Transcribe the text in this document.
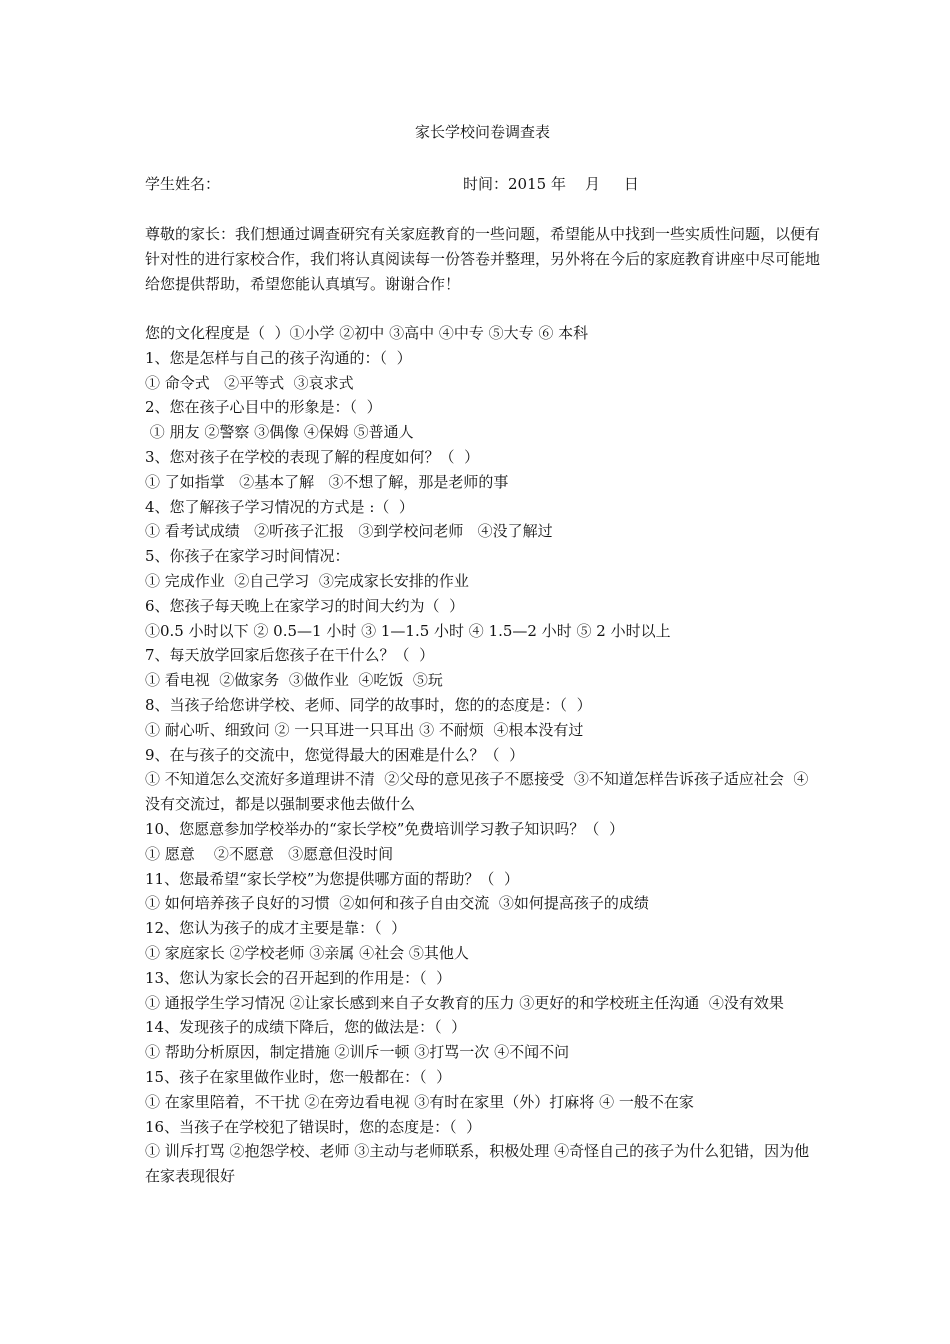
家长学校问卷调查表
学生姓名：	时间：2015 年    月     日

尊敬的家长：我们想通过调查研究有关家庭教育的一些问题，希望能从中找到一些实质性问题，以便有针对性的进行家校合作，我们将认真阅读每一份答卷并整理，另外将在今后的家庭教育讲座中尽可能地给您提供帮助，希望您能认真填写。谢谢合作！

您的文化程度是（  ）①小学 ②初中 ③高中 ④中专 ⑤大专 ⑥ 本科

1、您是怎样与自己的孩子沟通的：（  ）

① 命令式   ②平等式  ③哀求式

2、您在孩子心目中的形象是：（  ）

① 朋友 ②警察 ③偶像 ④保姆 ⑤普通人

3、您对孩子在学校的表现了解的程度如何？（  ）

① 了如指掌   ②基本了解   ③不想了解，那是老师的事

4、您了解孩子学习情况的方式是 :（  ）

① 看考试成绩   ②听孩子汇报   ③到学校问老师   ④没了解过

5、你孩子在家学习时间情况：

① 完成作业  ②自己学习  ③完成家长安排的作业

6、您孩子每天晚上在家学习的时间大约为（  ）

①0.5 小时以下 ② 0.5—1 小时 ③ 1—1.5 小时 ④ 1.5—2 小时 ⑤ 2 小时以上

7、每天放学回家后您孩子在干什么？（  ）

① 看电视  ②做家务  ③做作业  ④吃饭  ⑤玩

8、当孩子给您讲学校、老师、同学的故事时，您的的态度是：（  ）

① 耐心听、细致问 ② 一只耳进一只耳出 ③ 不耐烦  ④根本没有过

9、在与孩子的交流中，您觉得最大的困难是什么？（  ）

① 不知道怎么交流好多道理讲不清  ②父母的意见孩子不愿接受  ③不知道怎样告诉孩子适应社会  ④没有交流过，都是以强制要求他去做什么

10、您愿意参加学校举办的“家长学校”免费培训学习教子知识吗？（  ）

① 愿意    ②不愿意   ③愿意但没时间

11、您最希望“家长学校”为您提供哪方面的帮助？（  ）

① 如何培养孩子良好的习惯  ②如何和孩子自由交流  ③如何提高孩子的成绩

12、您认为孩子的成才主要是靠：（  ）

① 家庭家长 ②学校老师 ③亲属 ④社会 ⑤其他人

13、您认为家长会的召开起到的作用是：（  ）

① 通报学生学习情况 ②让家长感到来自子女教育的压力 ③更好的和学校班主任沟通  ④没有效果

14、发现孩子的成绩下降后，您的做法是：（  ）

① 帮助分析原因，制定措施 ②训斥一顿 ③打骂一次 ④不闻不问

15、孩子在家里做作业时，您一般都在：（  ）

① 在家里陪着，不干扰 ②在旁边看电视 ③有时在家里（外）打麻将 ④ 一般不在家

16、当孩子在学校犯了错误时，您的态度是：（  ）

① 训斥打骂 ②抱怨学校、老师 ③主动与老师联系，积极处理 ④奇怪自己的孩子为什么犯错，因为他在家表现很好
